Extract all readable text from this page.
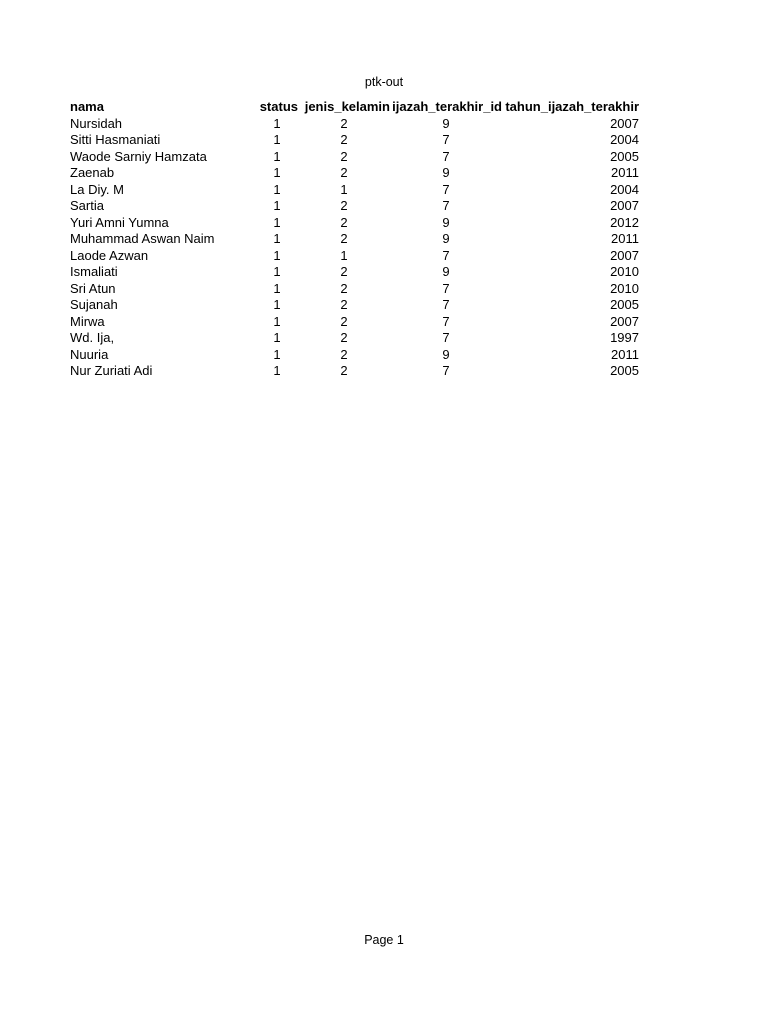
ptk-out
nama	status	jenis_kelamin	ijazah_terakhir_id	tahun_ijazah_terakhir
Nursidah	1	2	9	2007
Sitti Hasmaniati	1	2	7	2004
Waode Sarniy Hamzata	1	2	7	2005
Zaenab	1	2	9	2011
La Diy. M	1	1	7	2004
Sartia	1	2	7	2007
Yuri Amni Yumna	1	2	9	2012
Muhammad Aswan Naim	1	2	9	2011
Laode Azwan	1	1	7	2007
Ismaliati	1	2	9	2010
Sri Atun	1	2	7	2010
Sujanah	1	2	7	2005
Mirwa	1	2	7	2007
Wd. Ija,	1	2	7	1997
Nuuria	1	2	9	2011
Nur Zuriati Adi	1	2	7	2005
Page 1
